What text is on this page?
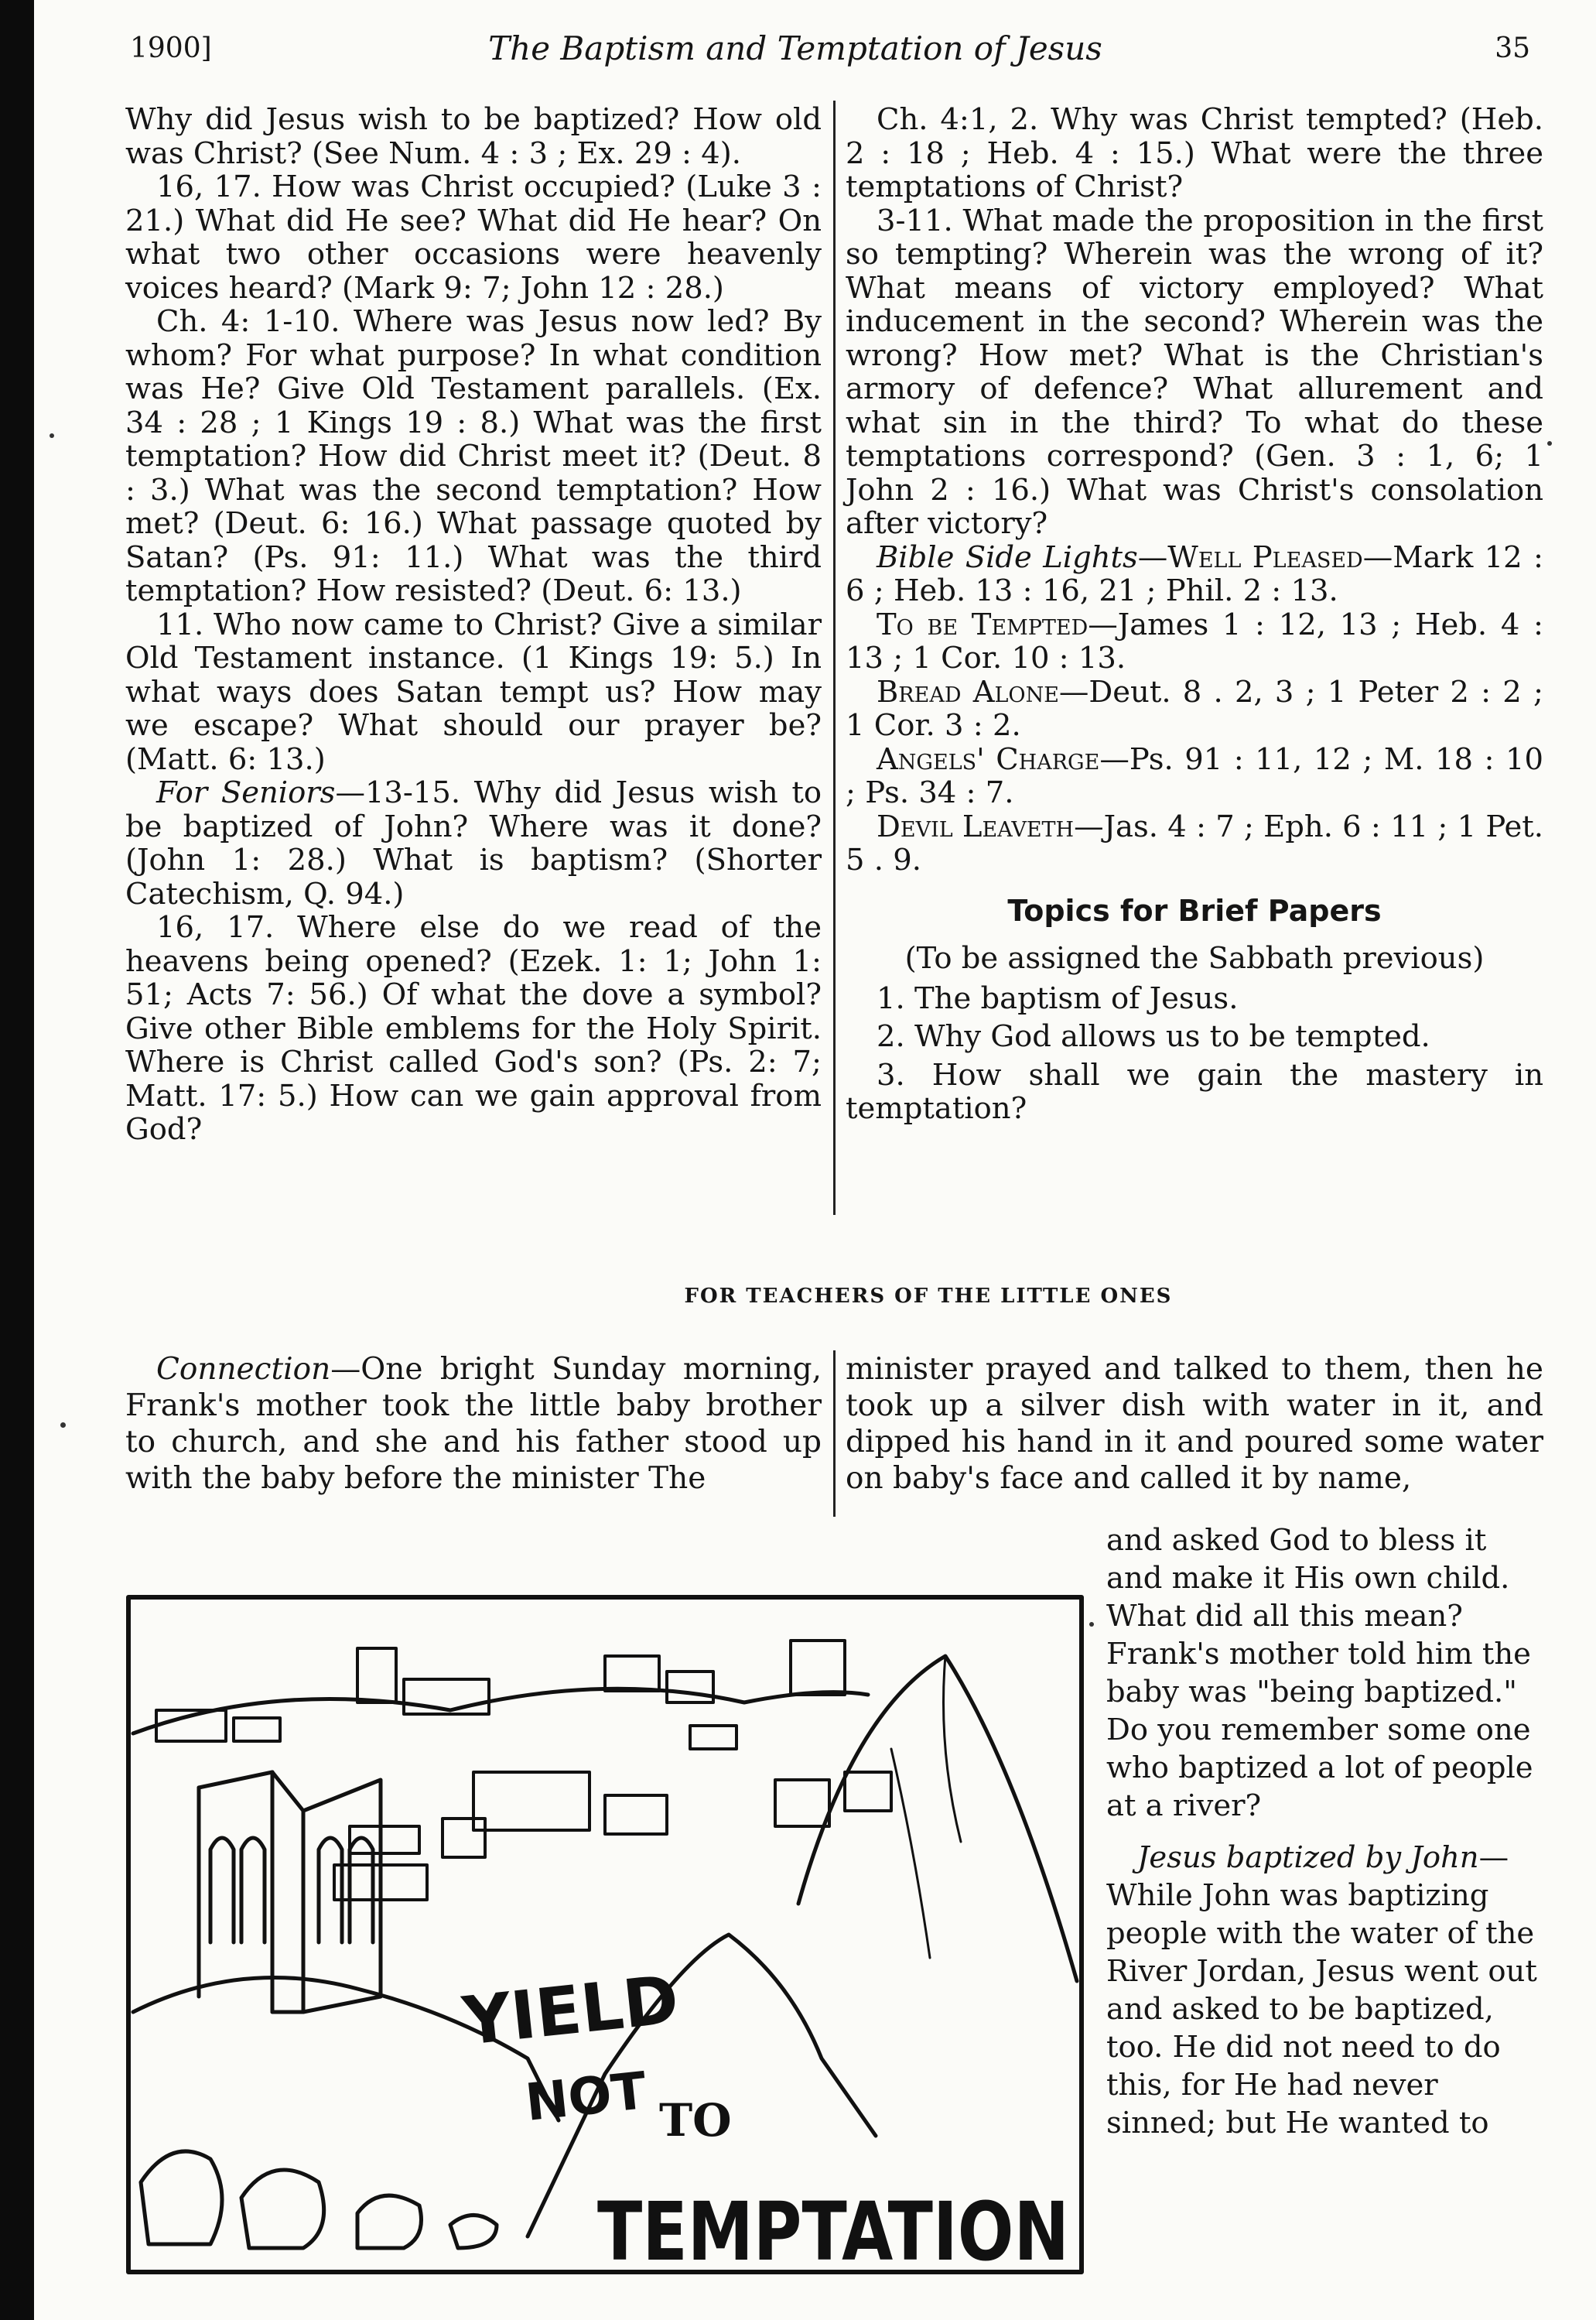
1900]	The Baptism and Temptation of Jesus	35

Why did Jesus wish to be baptized? How old was Christ? (See Num. 4 : 3 ; Ex. 29 : 4).

16, 17. How was Christ occupied? (Luke 3 : 21.) What did He see? What did He hear? On what two other occasions were heavenly voices heard? (Mark 9: 7; John 12 : 28.)

Ch. 4: 1-10. Where was Jesus now led? By whom? For what purpose? In what condition was He? Give Old Testament parallels. (Ex. 34 : 28 ; 1 Kings 19 : 8.) What was the first temptation? How did Christ meet it? (Deut. 8 : 3.) What was the second temptation? How met? (Deut. 6: 16.) What passage quoted by Satan? (Ps. 91: 11.) What was the third temptation? How resisted? (Deut. 6: 13.)

11. Who now came to Christ? Give a similar Old Testament instance. (1 Kings 19: 5.) In what ways does Satan tempt us? How may we escape? What should our prayer be? (Matt. 6: 13.)

For Seniors—13-15. Why did Jesus wish to be baptized of John? Where was it done? (John 1: 28.) What is baptism? (Shorter Catechism, Q. 94.)

16, 17. Where else do we read of the heavens being opened? (Ezek. 1: 1; John 1: 51; Acts 7: 56.) Of what the dove a symbol? Give other Bible emblems for the Holy Spirit. Where is Christ called God's son? (Ps. 2: 7; Matt. 17: 5.) How can we gain approval from God?

Ch. 4:1, 2. Why was Christ tempted? (Heb. 2 : 18 ; Heb. 4 : 15.) What were the three temptations of Christ?

3-11. What made the proposition in the first so tempting? Wherein was the wrong of it? What means of victory employed? What inducement in the second? Wherein was the wrong? How met? What is the Christian's armory of defence? What allurement and what sin in the third? To what do these temptations correspond? (Gen. 3 : 1, 6; 1 John 2 : 16.) What was Christ's consolation after victory?

Bible Side Lights—Well Pleased—Mark 12 : 6 ; Heb. 13 : 16, 21 ; Phil. 2 : 13.

To be Tempted—James 1 : 12, 13 ; Heb. 4 : 13 ; 1 Cor. 10 : 13.

Bread Alone—Deut. 8 . 2, 3 ; 1 Peter 2 : 2 ; 1 Cor. 3 : 2.

Angels' Charge—Ps. 91 : 11, 12 ; M. 18 : 10 ; Ps. 34 : 7.

Devil Leaveth—Jas. 4 : 7 ; Eph. 6 : 11 ; 1 Pet. 5 . 9.

Topics for Brief Papers

(To be assigned the Sabbath previous)

1. The baptism of Jesus.

2. Why God allows us to be tempted.

3. How shall we gain the mastery in temptation?

FOR TEACHERS OF THE LITTLE ONES

Connection—One bright Sunday morning, Frank's mother took the little baby brother to church, and she and his father stood up with the baby before the minister The

minister prayed and talked to them, then he took up a silver dish with water in it, and dipped his hand in it and poured some water on baby's face and called it by name,

and asked God to bless it and make it His own child. What did all this mean? Frank's mother told him the baby was "being baptized." Do you remember some one who baptized a lot of people at a river?

Jesus baptized by John— While John was baptizing people with the water of the River Jordan, Jesus went out and asked to be baptized, too. He did not need to do this, for He had never sinned; but He wanted to

YIELD
NOT TO
TEMPTATION
